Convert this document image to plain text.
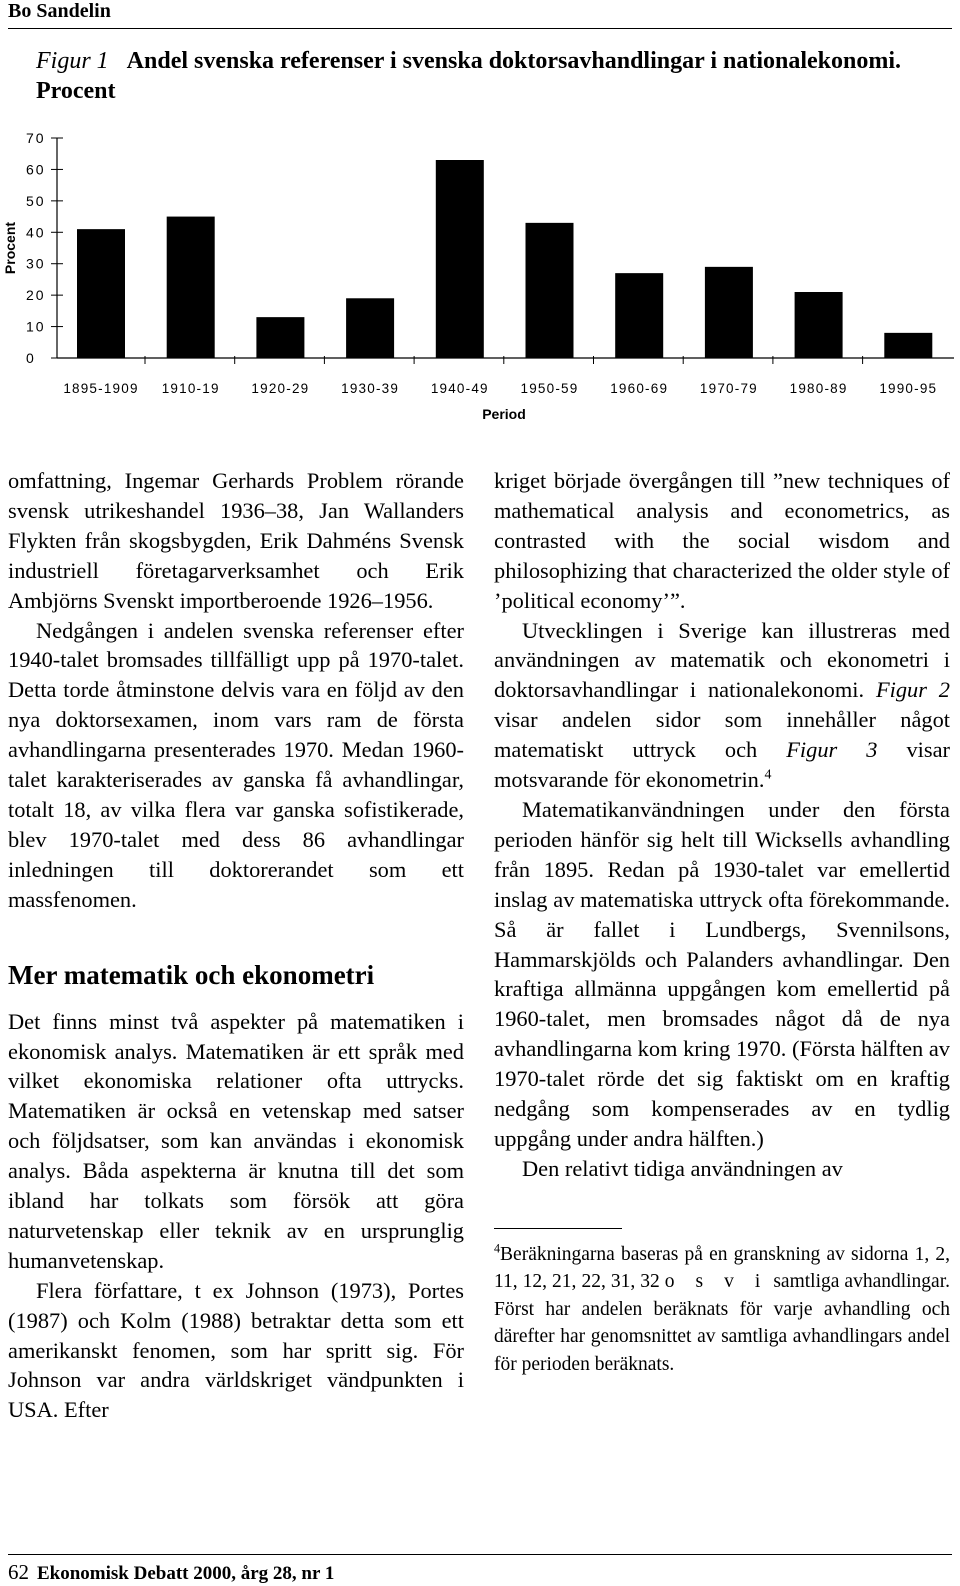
Bo Sandelin
Figur 1 Andel svenska referenser i svenska doktorsavhandlingar i nationalekonomi. Procent
0
10
20
30
40
50
60
70
1895-1909 1910-19 1920-29 1930-39 1940-49 1950-59 1960-69 1970-79 1980-89 1990-95
Period
Procent

omfattning, Ingemar Gerhards Problem rörande svensk utrikeshandel 1936–38, Jan Wallanders Flykten från skogsbygden, Erik Dahméns Svensk industriell företagarverksamhet och Erik Ambjörns Svenskt importberoende 1926–1956.

Nedgången i andelen svenska referenser efter 1940-talet bromsades tillfälligt upp på 1970-talet. Detta torde åtminstone delvis vara en följd av den nya doktorsexamen, inom vars ram de första avhandlingarna presenterades 1970. Medan 1960-talet karakteriserades av ganska få avhandlingar, totalt 18, av vilka flera var ganska sofistikerade, blev 1970-talet med dess 86 avhandlingar inledningen till doktorerandet som ett massfenomen.

Mer matematik och ekonometri

Det finns minst två aspekter på matematiken i ekonomisk analys. Matematiken är ett språk med vilket ekonomiska relationer ofta uttrycks. Matematiken är också en vetenskap med satser och följdsatser, som kan användas i ekonomisk analys. Båda aspekterna är knutna till det som ibland har tolkats som försök att göra naturvetenskap eller teknik av en ursprunglig humanvetenskap.

Flera författare, t ex Johnson (1973), Portes (1987) och Kolm (1988) betraktar detta som ett amerikanskt fenomen, som har spritt sig. För Johnson var andra världskriget vändpunkten i USA. Efter

kriget började övergången till ”new techniques of mathematical analysis and econometrics, as contrasted with the social wisdom and philosophizing that characterized the older style of ’political economy’”.

Utvecklingen i Sverige kan illustreras med användningen av matematik och ekonometri i doktorsavhandlingar i nationalekonomi. Figur 2 visar andelen sidor som innehåller något matematiskt uttryck och Figur 3 visar motsvarande för ekonometrin.$^4$

Matematikanvändningen under den första perioden hänför sig helt till Wicksells avhandling från 1895. Redan på 1930-talet var emellertid inslag av matematiska uttryck ofta förekommande. Så är fallet i Lundbergs, Svennilsons, Hammarskjölds och Palanders avhandlingar. Den kraftiga allmänna uppgången kom emellertid på 1960-talet, men bromsades något då de nya avhandlingarna kom kring 1970. (Första hälften av 1970-talet rörde det sig faktiskt om en kraftig nedgång som kompenserades av en tydlig uppgång under andra hälften.)

Den relativt tidiga användningen av

$^4$Beräkningarna baseras på en granskning av sidorna 1, 2, 11, 12, 21, 22, 31, 32 o s v i samtliga avhandlingar. Först har andelen beräknats för varje avhandling och därefter har genomsnittet av samtliga avhandlingars andel för perioden beräknats.

62 Ekonomisk Debatt 2000, årg 28, nr 1
